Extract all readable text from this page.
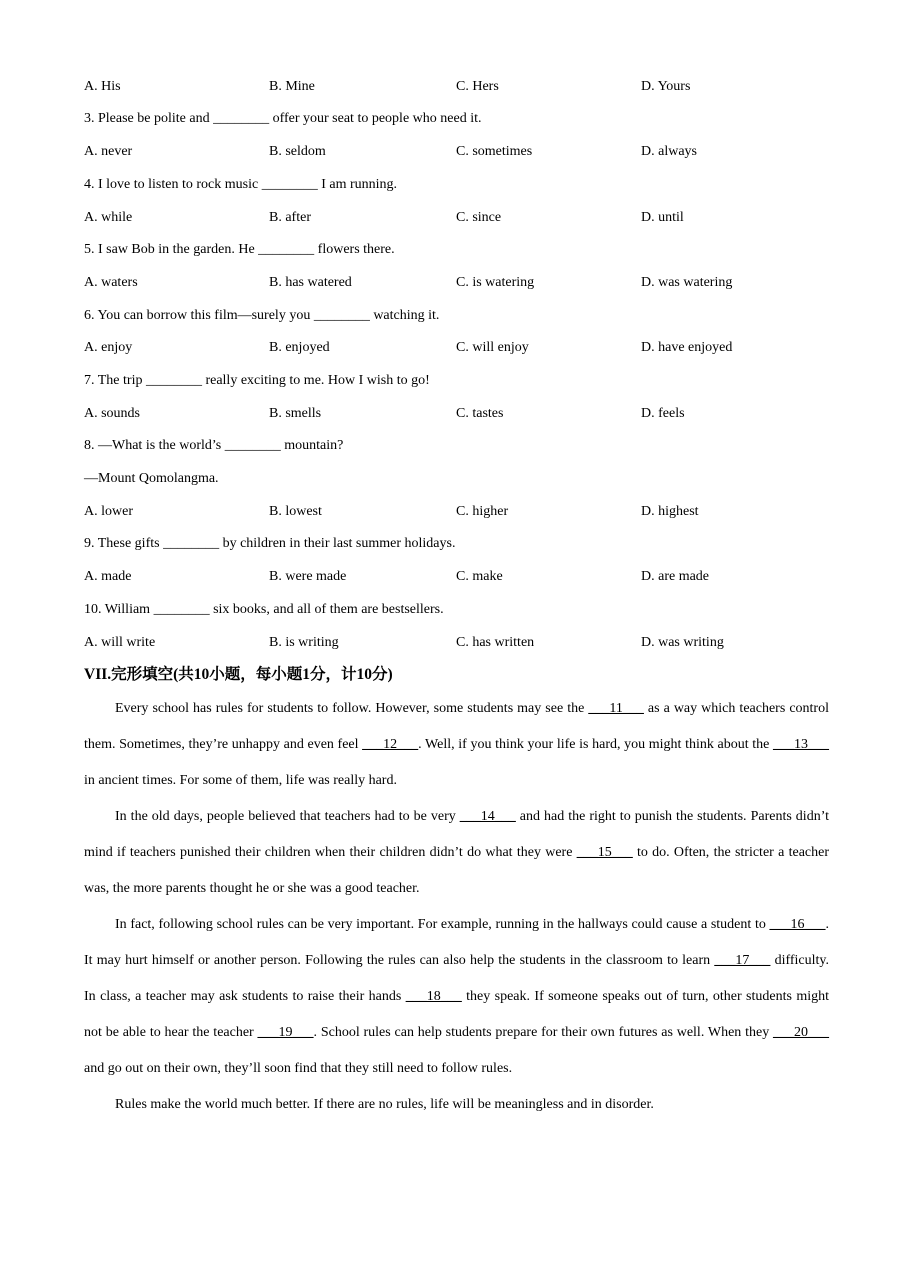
A. His	B. Mine	C. Hers	D. Yours
3. Please be polite and ________ offer your seat to people who need it.
A. never	B. seldom	C. sometimes	D. always
4. I love to listen to rock music ________ I am running.
A. while	B. after	C. since	D. until
5. I saw Bob in the garden. He ________ flowers there.
A. waters	B. has watered	C. is watering	D. was watering
6. You can borrow this film—surely you ________ watching it.
A. enjoy	B. enjoyed	C. will enjoy	D. have enjoyed
7. The trip ________ really exciting to me. How I wish to go!
A. sounds	B. smells	C. tastes	D. feels
8. —What is the world’s ________ mountain?
—Mount Qomolangma.
A. lower	B. lowest	C. higher	D. highest
9. These gifts ________ by children in their last summer holidays.
A. made	B. were made	C. make	D. are made
10. William ________ six books, and all of them are bestsellers.
A. will write	B. is writing	C. has written	D. was writing
VII.完形填空(共10小题，每小题1分，计10分)

Every school has rules for students to follow. However, some students may see the ___11___ as a way which teachers control them. Sometimes, they’re unhappy and even feel ___12___. Well, if you think your life is hard, you might think about the ___13___ in ancient times. For some of them, life was really hard.

In the old days, people believed that teachers had to be very ___14___ and had the right to punish the students. Parents didn’t mind if teachers punished their children when their children didn’t do what they were ___15___ to do. Often, the stricter a teacher was, the more parents thought he or she was a good teacher.

In fact, following school rules can be very important. For example, running in the hallways could cause a student to ___16___. It may hurt himself or another person. Following the rules can also help the students in the classroom to learn ___17___ difficulty. In class, a teacher may ask students to raise their hands ___18___ they speak. If someone speaks out of turn, other students might not be able to hear the teacher ___19___. School rules can help students prepare for their own futures as well. When they ___20___ and go out on their own, they’ll soon find that they still need to follow rules.

Rules make the world much better. If there are no rules, life will be meaningless and in disorder.
